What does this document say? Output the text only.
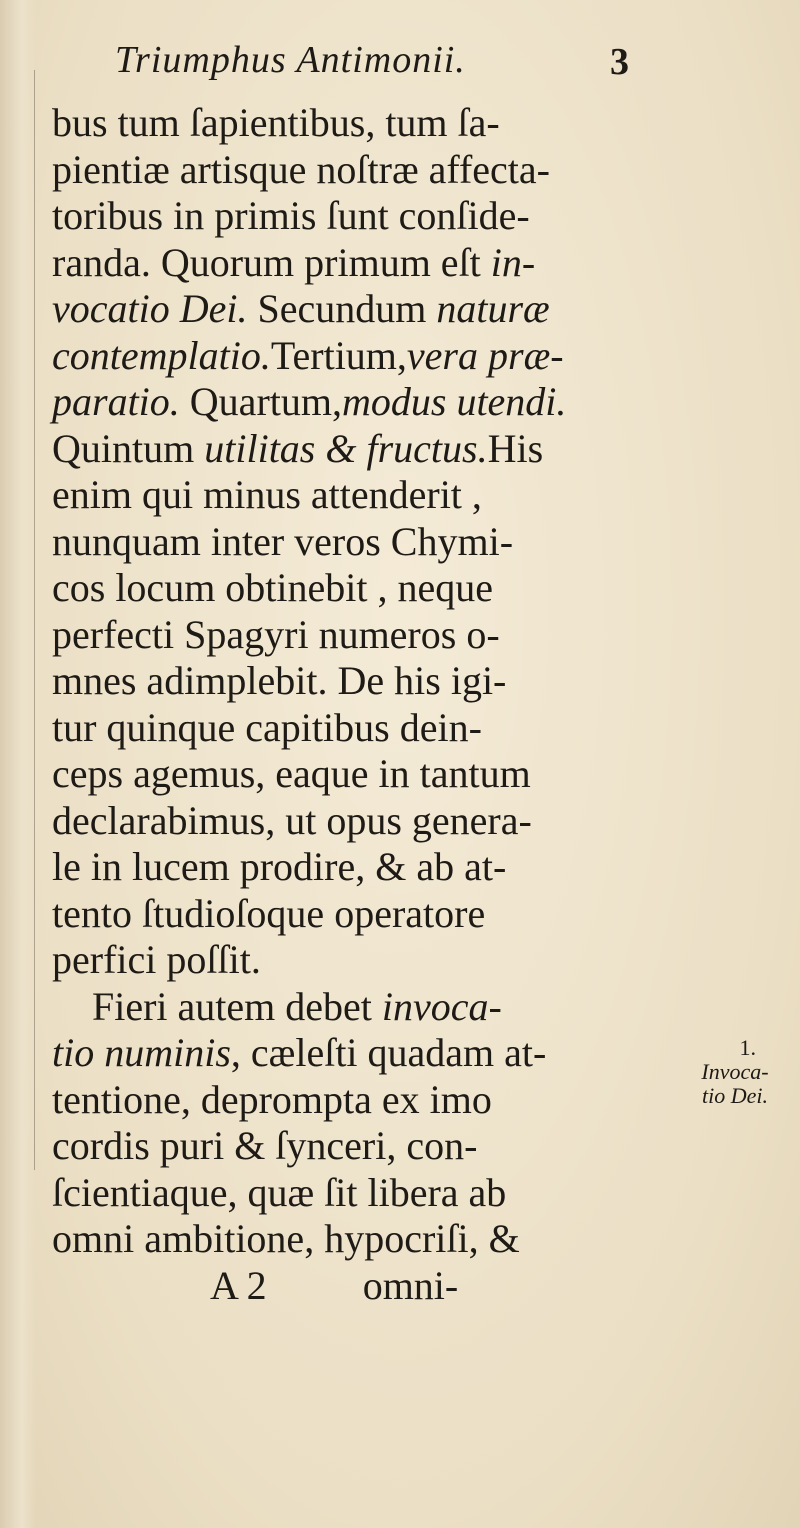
Triumphus Antimonii.	3
bus tum ſapientibus, tum ſa-
pientiæ artisque noſtræ affecta-
toribus in primis ſunt conſide-
randa. Quorum primum eſt in-
vocatio Dei. Secundum naturæ
contemplatio.Tertium,vera præ-
paratio. Quartum,modus utendi.
Quintum utilitas & fructus.His
enim qui minus attenderit ,
nunquam inter veros Chymi-
cos locum obtinebit , neque
perfecti Spagyri numeros o-
mnes adimplebit. De his igi-
tur quinque capitibus dein-
ceps agemus, eaque in tantum
declarabimus, ut opus genera-
le in lucem prodire, & ab at-
tento ſtudioſoque operatore
perfici poſſit.
Fieri autem debet invoca-
tio numinis, cæleſti quadam at-
tentione, deprompta ex imo
cordis puri & ſynceri, con-
ſcientiaque, quæ ſit libera ab
omni ambitione, hypocriſi, &
A 2 omni-
1.
Invoca-
tio Dei.
